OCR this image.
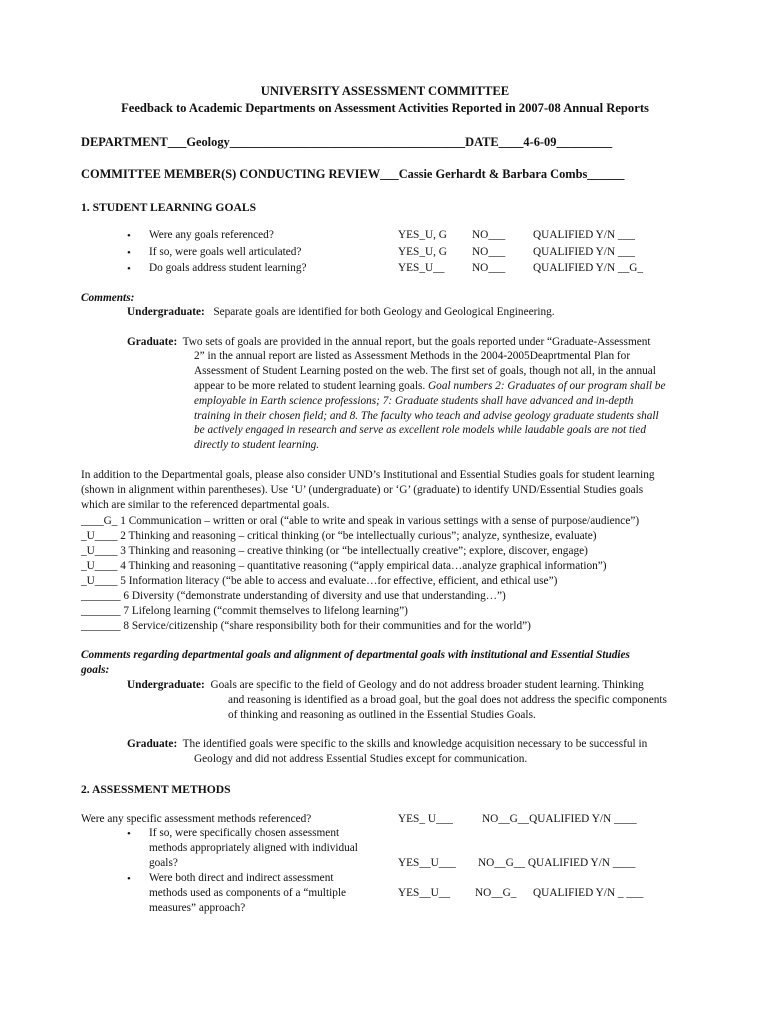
UNIVERSITY ASSESSMENT COMMITTEE
Feedback to Academic Departments on Assessment Activities Reported in 2007-08 Annual Reports
DEPARTMENT___Geology______________________________________DATE____4-6-09_________
COMMITTEE MEMBER(S) CONDUCTING REVIEW___Cassie Gerhardt & Barbara Combs______
1. STUDENT LEARNING GOALS
• Were any goals referenced?	YES_U, G NO___ QUALIFIED Y/N ___
• If so, were goals well articulated?	YES_U, G NO___ QUALIFIED Y/N ___
• Do goals address student learning?	YES_U__ NO___ QUALIFIED Y/N __G_
Comments:
Undergraduate: Separate goals are identified for both Geology and Geological Engineering.
Graduate: Two sets of goals are provided in the annual report, but the goals reported under “Graduate-Assessment
2” in the annual report are listed as Assessment Methods in the 2004-2005Deaprtmental Plan for
Assessment of Student Learning posted on the web. The first set of goals, though not all, in the annual
appear to be more related to student learning goals. Goal numbers 2: Graduates of our program shall be
employable in Earth science professions; 7: Graduate students shall have advanced and in-depth
training in their chosen field; and 8. The faculty who teach and advise geology graduate students shall
be actively engaged in research and serve as excellent role models while laudable goals are not tied
directly to student learning.
In addition to the Departmental goals, please also consider UND’s Institutional and Essential Studies goals for student learning
(shown in alignment within parentheses). Use ‘U’ (undergraduate) or ‘G’ (graduate) to identify UND/Essential Studies goals
which are similar to the referenced departmental goals.
____G_ 1 Communication – written or oral (“able to write and speak in various settings with a sense of purpose/audience”)
_U____ 2 Thinking and reasoning – critical thinking (or “be intellectually curious”; analyze, synthesize, evaluate)
_U____ 3 Thinking and reasoning – creative thinking (or “be intellectually creative”; explore, discover, engage)
_U____ 4 Thinking and reasoning – quantitative reasoning (“apply empirical data…analyze graphical information”)
_U____ 5 Information literacy (“be able to access and evaluate…for effective, efficient, and ethical use”)
_______ 6 Diversity (“demonstrate understanding of diversity and use that understanding…”)
_______ 7 Lifelong learning (“commit themselves to lifelong learning”)
_______ 8 Service/citizenship (“share responsibility both for their communities and for the world”)
Comments regarding departmental goals and alignment of departmental goals with institutional and Essential Studies
goals:
Undergraduate: Goals are specific to the field of Geology and do not address broader student learning. Thinking
and reasoning is identified as a broad goal, but the goal does not address the specific components
of thinking and reasoning as outlined in the Essential Studies Goals.
Graduate: The identified goals were specific to the skills and knowledge acquisition necessary to be successful in
Geology and did not address Essential Studies except for communication.
2. ASSESSMENT METHODS
Were any specific assessment methods referenced?	YES_ U___	NO__G__QUALIFIED Y/N ____
• If so, were specifically chosen assessment
methods appropriately aligned with individual
goals?	YES__U___ NO__G__ QUALIFIED Y/N ____
• Were both direct and indirect assessment
methods used as components of a “multiple
measures” approach?
YES__U__ NO__G_ QUALIFIED Y/N _ ___
